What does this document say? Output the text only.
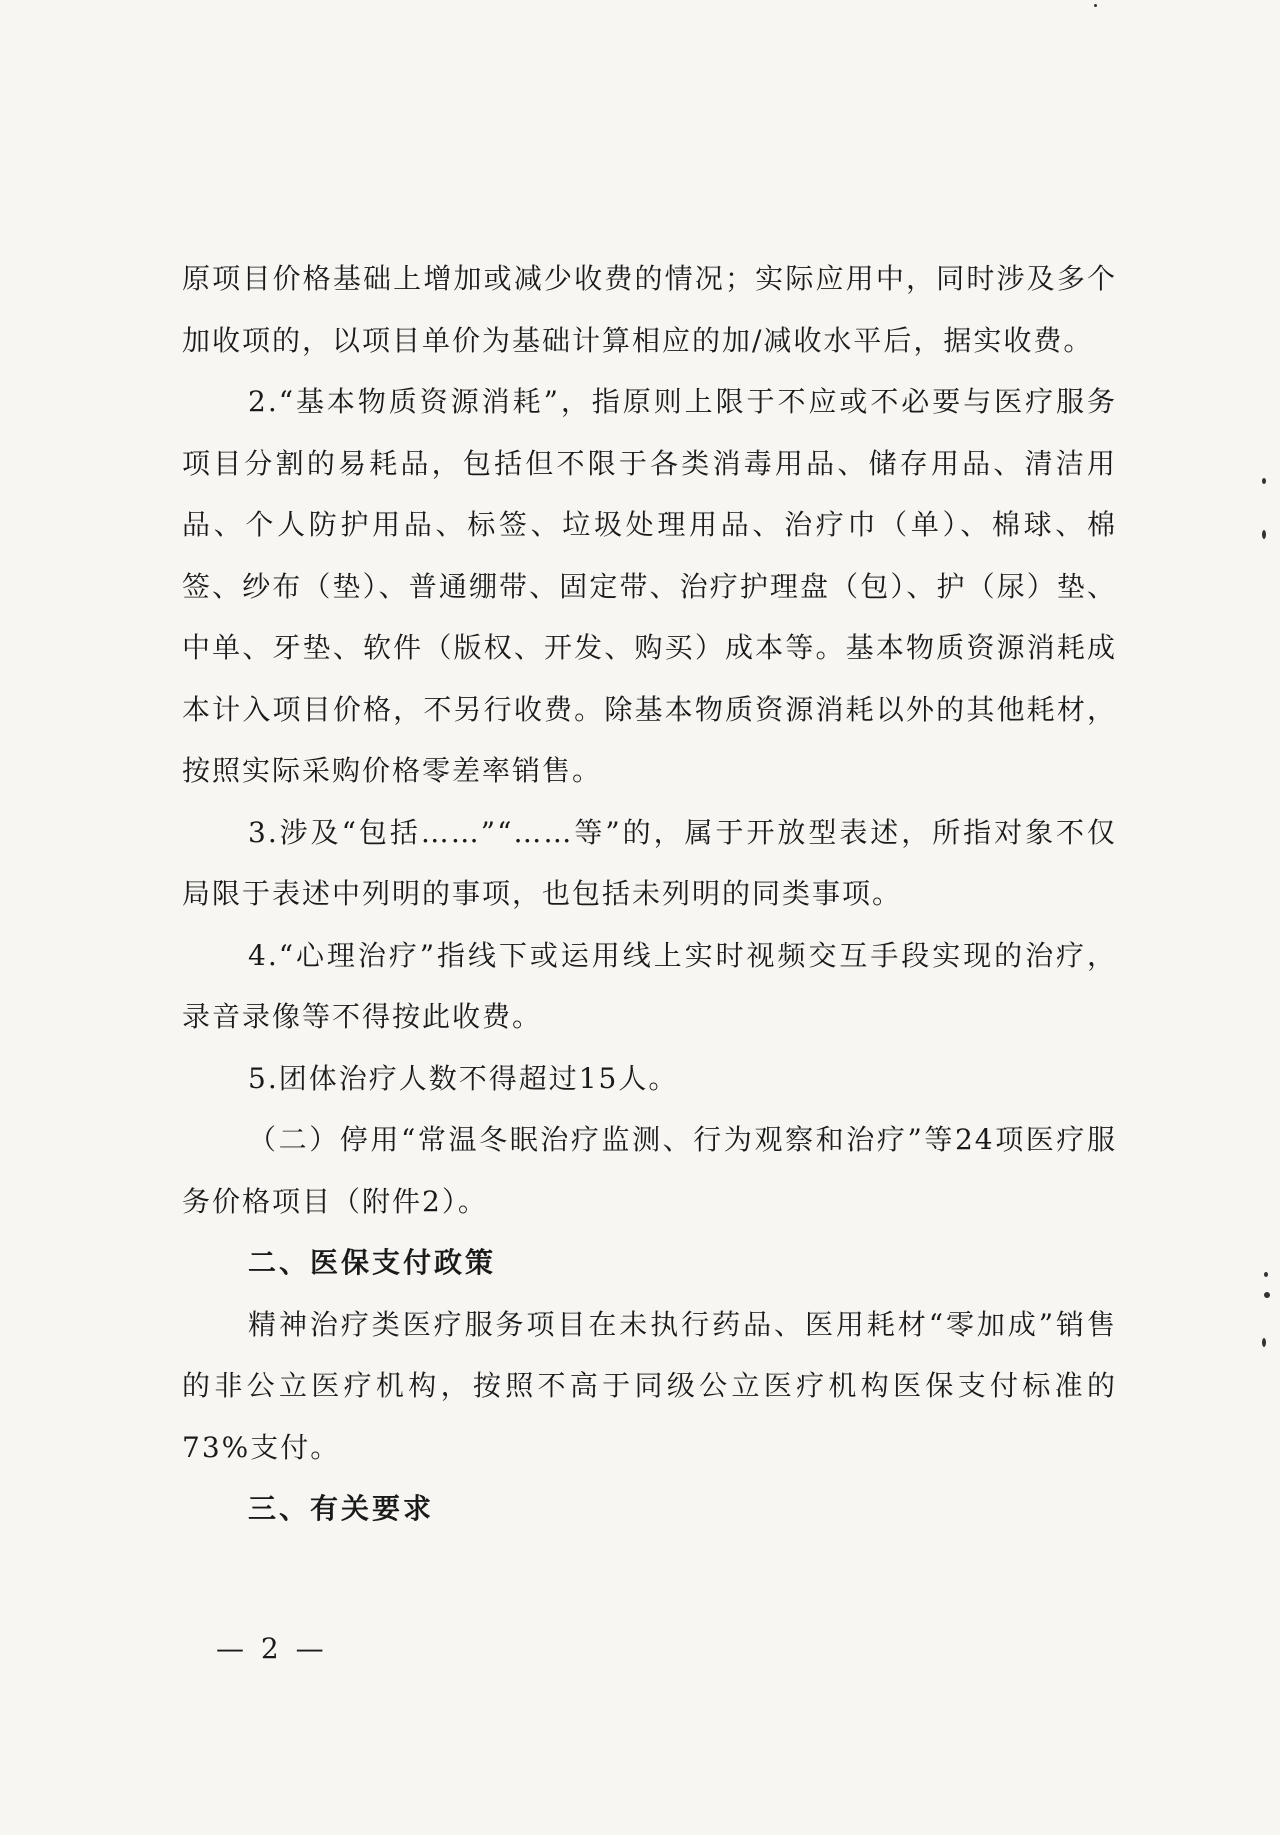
原项目价格基础上增加或减少收费的情况；实际应用中，同时涉及多个加收项的，以项目单价为基础计算相应的加/减收水平后，据实收费。

2.“基本物质资源消耗”，指原则上限于不应或不必要与医疗服务项目分割的易耗品，包括但不限于各类消毒用品、储存用品、清洁用品、个人防护用品、标签、垃圾处理用品、治疗巾（单）、棉球、棉签、纱布（垫）、普通绷带、固定带、治疗护理盘（包）、护（尿）垫、中单、牙垫、软件（版权、开发、购买）成本等。基本物质资源消耗成本计入项目价格，不另行收费。除基本物质资源消耗以外的其他耗材，按照实际采购价格零差率销售。

3.涉及“包括……”“……等”的，属于开放型表述，所指对象不仅局限于表述中列明的事项，也包括未列明的同类事项。

4.“心理治疗”指线下或运用线上实时视频交互手段实现的治疗，录音录像等不得按此收费。

5.团体治疗人数不得超过15人。

（二）停用“常温冬眠治疗监测、行为观察和治疗”等24项医疗服务价格项目（附件2）。

二、医保支付政策

精神治疗类医疗服务项目在未执行药品、医用耗材“零加成”销售的非公立医疗机构，按照不高于同级公立医疗机构医保支付标准的73%支付。

三、有关要求

— 2 —
